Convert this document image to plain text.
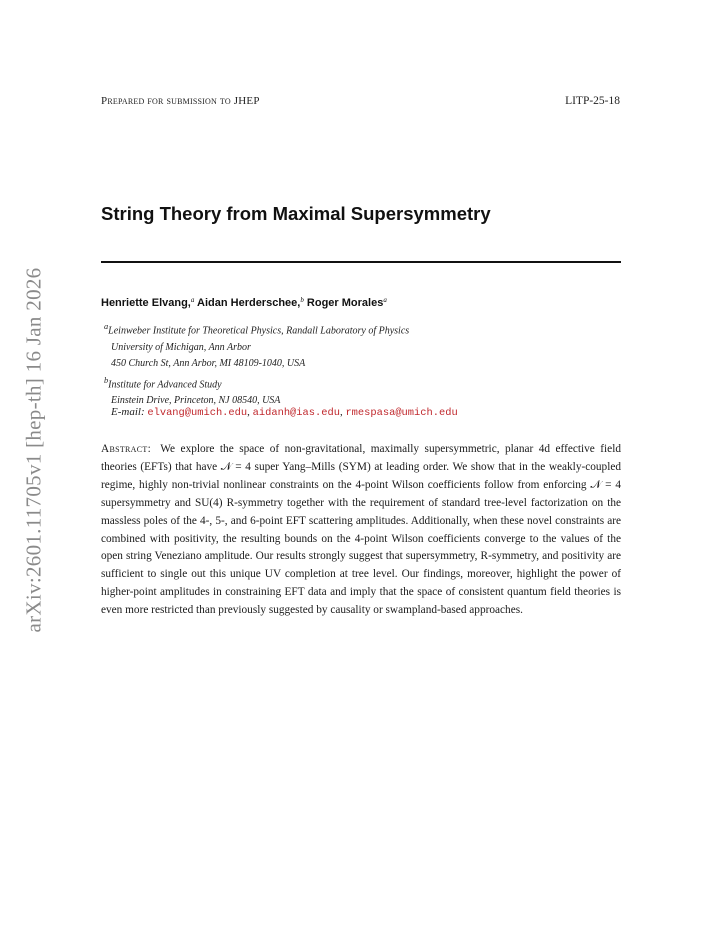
Prepared for submission to JHEP	LITP-25-18
arXiv:2601.11705v1 [hep-th] 16 Jan 2026
String Theory from Maximal Supersymmetry
Henriette Elvang,$^a$ Aidan Herderschee,$^b$ Roger Morales$^a$
$^a$Leinweber Institute for Theoretical Physics, Randall Laboratory of Physics
University of Michigan, Ann Arbor
450 Church St, Ann Arbor, MI 48109-1040, USA
$^b$Institute for Advanced Study
Einstein Drive, Princeton, NJ 08540, USA
E-mail: elvang@umich.edu, aidanh@ias.edu, rmespasa@umich.edu
Abstract: We explore the space of non-gravitational, maximally supersymmetric, planar 4d effective field theories (EFTs) that have 𝒩 = 4 super Yang–Mills (SYM) at leading order. We show that in the weakly-coupled regime, highly non-trivial nonlinear constraints on the 4-point Wilson coefficients follow from enforcing 𝒩 = 4 supersymmetry and SU(4) R-symmetry together with the requirement of standard tree-level factorization on the massless poles of the 4-, 5-, and 6-point EFT scattering amplitudes. Additionally, when these novel constraints are combined with positivity, the resulting bounds on the 4-point Wilson coefficients converge to the values of the open string Veneziano amplitude. Our results strongly suggest that supersymmetry, R-symmetry, and positivity are sufficient to single out this unique UV completion at tree level. Our findings, moreover, highlight the power of higher-point amplitudes in constraining EFT data and imply that the space of consistent quantum field theories is even more restricted than previously suggested by causality or swampland-based approaches.
